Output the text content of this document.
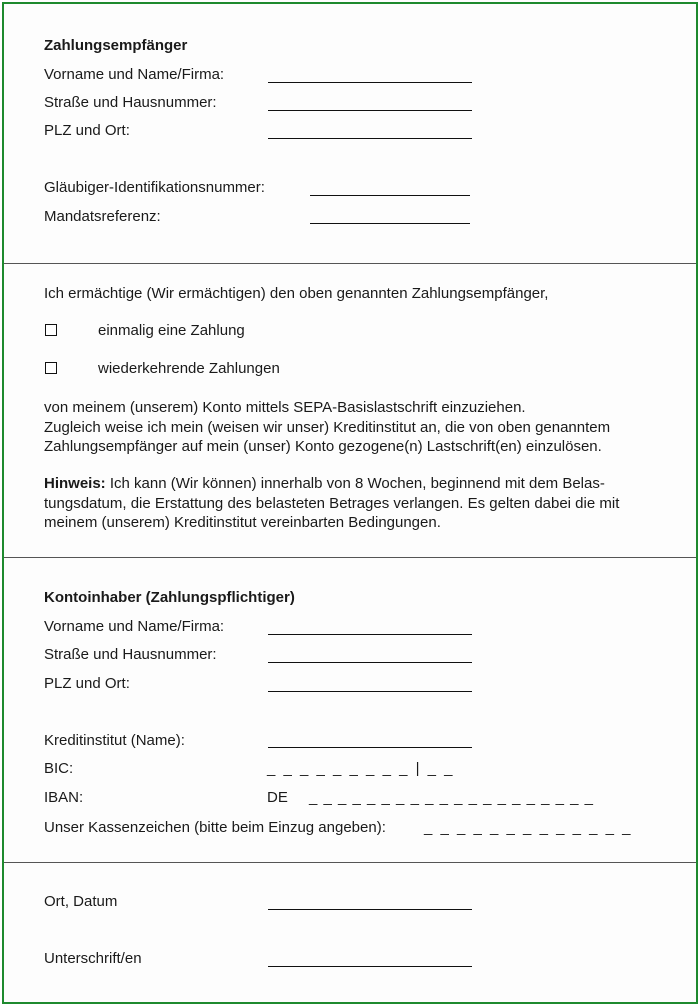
Zahlungsempfänger
Vorname und Name/Firma:
Straße und Hausnummer:
PLZ und Ort:
Gläubiger-Identifikationsnummer:
Mandatsreferenz:
Ich ermächtige (Wir ermächtigen) den oben genannten Zahlungsempfänger,
einmalig eine Zahlung
wiederkehrende Zahlungen
von meinem (unserem) Konto mittels SEPA-Basislastschrift einzuziehen.
Zugleich weise ich mein (weisen wir unser) Kreditinstitut an, die von oben genanntem
Zahlungsempfänger auf mein (unser) Konto gezogene(n) Lastschrift(en) einzulösen.
Hinweis: Ich kann (Wir können) innerhalb von 8 Wochen, beginnend mit dem Belas-
tungsdatum, die Erstattung des belasteten Betrages verlangen. Es gelten dabei die mit
meinem (unserem) Kreditinstitut vereinbarten Bedingungen.
Kontoinhaber (Zahlungspflichtiger)
Vorname und Name/Firma:
Straße und Hausnummer:
PLZ und Ort:
Kreditinstitut (Name):
BIC:	_ _ _ _ _ _ _ _ _ | _ _
IBAN:	DE _ _ _ _ _ _ _ _ _ _ _ _ _ _ _ _ _ _ _ _
Unser Kassenzeichen (bitte beim Einzug angeben):	_ _ _ _ _ _ _ _ _ _ _ _ _
Ort, Datum
Unterschrift/en
